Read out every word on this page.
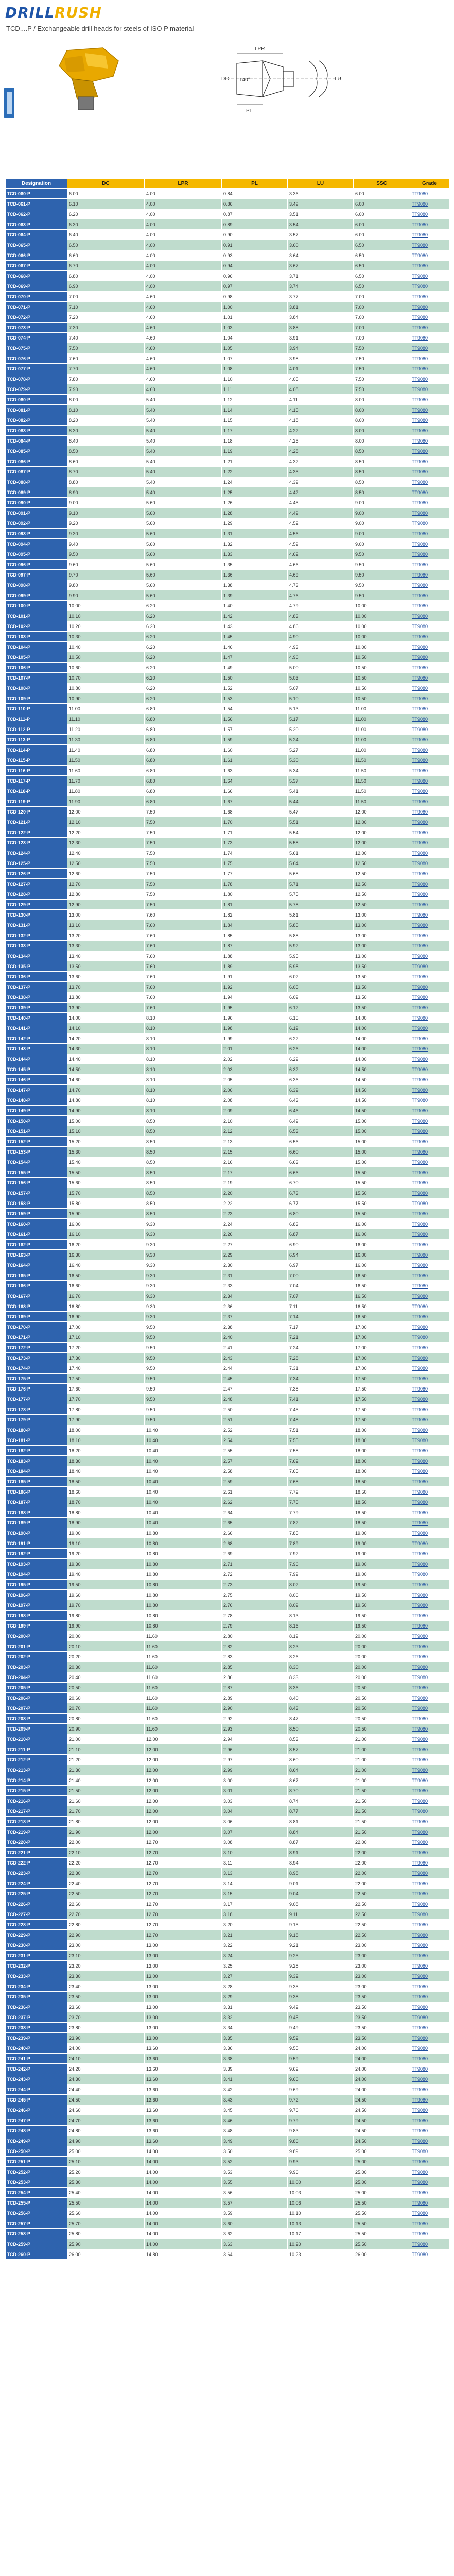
DRILLRUSH
TCD....P / Exchangeable drill heads for steels of ISO P material
LPR
PL
DC 140°	LU
Designation	DC	LPR	PL	LU	SSC	Grade
TCD-060-P	6.00	4.00	0.84	3.36	6.00	TT9080
TCD-061-P	6.10	4.00	0.86	3.49	6.00	TT9080
TCD-062-P	6.20	4.00	0.87	3.51	6.00	TT9080
TCD-063-P	6.30	4.00	0.89	3.54	6.00	TT9080
TCD-064-P	6.40	4.00	0.90	3.57	6.00	TT9080
TCD-065-P	6.50	4.00	0.91	3.60	6.50	TT9080
TCD-066-P	6.60	4.00	0.93	3.64	6.50	TT9080
TCD-067-P	6.70	4.00	0.94	3.67	6.50	TT9080
TCD-068-P	6.80	4.00	0.96	3.71	6.50	TT9080
TCD-069-P	6.90	4.00	0.97	3.74	6.50	TT9080
TCD-070-P	7.00	4.60	0.98	3.77	7.00	TT9080
TCD-071-P	7.10	4.60	1.00	3.81	7.00	TT9080
TCD-072-P	7.20	4.60	1.01	3.84	7.00	TT9080
TCD-073-P	7.30	4.60	1.03	3.88	7.00	TT9080
TCD-074-P	7.40	4.60	1.04	3.91	7.00	TT9080
TCD-075-P	7.50	4.60	1.05	3.94	7.50	TT9080
TCD-076-P	7.60	4.60	1.07	3.98	7.50	TT9080
TCD-077-P	7.70	4.60	1.08	4.01	7.50	TT9080
TCD-078-P	7.80	4.60	1.10	4.05	7.50	TT9080
TCD-079-P	7.90	4.60	1.11	4.08	7.50	TT9080
TCD-080-P	8.00	5.40	1.12	4.11	8.00	TT9080
TCD-081-P	8.10	5.40	1.14	4.15	8.00	TT9080
TCD-082-P	8.20	5.40	1.15	4.18	8.00	TT9080
TCD-083-P	8.30	5.40	1.17	4.22	8.00	TT9080
TCD-084-P	8.40	5.40	1.18	4.25	8.00	TT9080
TCD-085-P	8.50	5.40	1.19	4.28	8.50	TT9080
TCD-086-P	8.60	5.40	1.21	4.32	8.50	TT9080
TCD-087-P	8.70	5.40	1.22	4.35	8.50	TT9080
TCD-088-P	8.80	5.40	1.24	4.39	8.50	TT9080
TCD-089-P	8.90	5.40	1.25	4.42	8.50	TT9080
TCD-090-P	9.00	5.60	1.26	4.45	9.00	TT9080
TCD-091-P	9.10	5.60	1.28	4.49	9.00	TT9080
TCD-092-P	9.20	5.60	1.29	4.52	9.00	TT9080
TCD-093-P	9.30	5.60	1.31	4.56	9.00	TT9080
TCD-094-P	9.40	5.60	1.32	4.59	9.00	TT9080
TCD-095-P	9.50	5.60	1.33	4.62	9.50	TT9080
TCD-096-P	9.60	5.60	1.35	4.66	9.50	TT9080
TCD-097-P	9.70	5.60	1.36	4.69	9.50	TT9080
TCD-098-P	9.80	5.60	1.38	4.73	9.50	TT9080
TCD-099-P	9.90	5.60	1.39	4.76	9.50	TT9080
TCD-100-P	10.00	6.20	1.40	4.79	10.00	TT9080
TCD-101-P	10.10	6.20	1.42	4.83	10.00	TT9080
TCD-102-P	10.20	6.20	1.43	4.86	10.00	TT9080
TCD-103-P	10.30	6.20	1.45	4.90	10.00	TT9080
TCD-104-P	10.40	6.20	1.46	4.93	10.00	TT9080
TCD-105-P	10.50	6.20	1.47	4.96	10.50	TT9080
TCD-106-P	10.60	6.20	1.49	5.00	10.50	TT9080
TCD-107-P	10.70	6.20	1.50	5.03	10.50	TT9080
TCD-108-P	10.80	6.20	1.52	5.07	10.50	TT9080
TCD-109-P	10.90	6.20	1.53	5.10	10.50	TT9080
TCD-110-P	11.00	6.80	1.54	5.13	11.00	TT9080
TCD-111-P	11.10	6.80	1.56	5.17	11.00	TT9080
TCD-112-P	11.20	6.80	1.57	5.20	11.00	TT9080
TCD-113-P	11.30	6.80	1.59	5.24	11.00	TT9080
TCD-114-P	11.40	6.80	1.60	5.27	11.00	TT9080
TCD-115-P	11.50	6.80	1.61	5.30	11.50	TT9080
TCD-116-P	11.60	6.80	1.63	5.34	11.50	TT9080
TCD-117-P	11.70	6.80	1.64	5.37	11.50	TT9080
TCD-118-P	11.80	6.80	1.66	5.41	11.50	TT9080
TCD-119-P	11.90	6.80	1.67	5.44	11.50	TT9080
TCD-120-P	12.00	7.50	1.68	5.47	12.00	TT9080
TCD-121-P	12.10	7.50	1.70	5.51	12.00	TT9080
TCD-122-P	12.20	7.50	1.71	5.54	12.00	TT9080
TCD-123-P	12.30	7.50	1.73	5.58	12.00	TT9080
TCD-124-P	12.40	7.50	1.74	5.61	12.00	TT9080
TCD-125-P	12.50	7.50	1.75	5.64	12.50	TT9080
TCD-126-P	12.60	7.50	1.77	5.68	12.50	TT9080
TCD-127-P	12.70	7.50	1.78	5.71	12.50	TT9080
TCD-128-P	12.80	7.50	1.80	5.75	12.50	TT9080
TCD-129-P	12.90	7.50	1.81	5.78	12.50	TT9080
TCD-130-P	13.00	7.60	1.82	5.81	13.00	TT9080
TCD-131-P	13.10	7.60	1.84	5.85	13.00	TT9080
TCD-132-P	13.20	7.60	1.85	5.88	13.00	TT9080
TCD-133-P	13.30	7.60	1.87	5.92	13.00	TT9080
TCD-134-P	13.40	7.60	1.88	5.95	13.00	TT9080
TCD-135-P	13.50	7.60	1.89	5.98	13.50	TT9080
TCD-136-P	13.60	7.60	1.91	6.02	13.50	TT9080
TCD-137-P	13.70	7.60	1.92	6.05	13.50	TT9080
TCD-138-P	13.80	7.60	1.94	6.09	13.50	TT9080
TCD-139-P	13.90	7.60	1.95	6.12	13.50	TT9080
TCD-140-P	14.00	8.10	1.96	6.15	14.00	TT9080
TCD-141-P	14.10	8.10	1.98	6.19	14.00	TT9080
TCD-142-P	14.20	8.10	1.99	6.22	14.00	TT9080
TCD-143-P	14.30	8.10	2.01	6.26	14.00	TT9080
TCD-144-P	14.40	8.10	2.02	6.29	14.00	TT9080
TCD-145-P	14.50	8.10	2.03	6.32	14.50	TT9080
TCD-146-P	14.60	8.10	2.05	6.36	14.50	TT9080
TCD-147-P	14.70	8.10	2.06	6.39	14.50	TT9080
TCD-148-P	14.80	8.10	2.08	6.43	14.50	TT9080
TCD-149-P	14.90	8.10	2.09	6.46	14.50	TT9080
TCD-150-P	15.00	8.50	2.10	6.49	15.00	TT9080
TCD-151-P	15.10	8.50	2.12	6.53	15.00	TT9080
TCD-152-P	15.20	8.50	2.13	6.56	15.00	TT9080
TCD-153-P	15.30	8.50	2.15	6.60	15.00	TT9080
TCD-154-P	15.40	8.50	2.16	6.63	15.00	TT9080
TCD-155-P	15.50	8.50	2.17	6.66	15.50	TT9080
TCD-156-P	15.60	8.50	2.19	6.70	15.50	TT9080
TCD-157-P	15.70	8.50	2.20	6.73	15.50	TT9080
TCD-158-P	15.80	8.50	2.22	6.77	15.50	TT9080
TCD-159-P	15.90	8.50	2.23	6.80	15.50	TT9080
TCD-160-P	16.00	9.30	2.24	6.83	16.00	TT9080
TCD-161-P	16.10	9.30	2.26	6.87	16.00	TT9080
TCD-162-P	16.20	9.30	2.27	6.90	16.00	TT9080
TCD-163-P	16.30	9.30	2.29	6.94	16.00	TT9080
TCD-164-P	16.40	9.30	2.30	6.97	16.00	TT9080
TCD-165-P	16.50	9.30	2.31	7.00	16.50	TT9080
TCD-166-P	16.60	9.30	2.33	7.04	16.50	TT9080
TCD-167-P	16.70	9.30	2.34	7.07	16.50	TT9080
TCD-168-P	16.80	9.30	2.36	7.11	16.50	TT9080
TCD-169-P	16.90	9.30	2.37	7.14	16.50	TT9080
TCD-170-P	17.00	9.50	2.38	7.17	17.00	TT9080
TCD-171-P	17.10	9.50	2.40	7.21	17.00	TT9080
TCD-172-P	17.20	9.50	2.41	7.24	17.00	TT9080
TCD-173-P	17.30	9.50	2.43	7.28	17.00	TT9080
TCD-174-P	17.40	9.50	2.44	7.31	17.00	TT9080
TCD-175-P	17.50	9.50	2.45	7.34	17.50	TT9080
TCD-176-P	17.60	9.50	2.47	7.38	17.50	TT9080
TCD-177-P	17.70	9.50	2.48	7.41	17.50	TT9080
TCD-178-P	17.80	9.50	2.50	7.45	17.50	TT9080
TCD-179-P	17.90	9.50	2.51	7.48	17.50	TT9080
TCD-180-P	18.00	10.40	2.52	7.51	18.00	TT9080
TCD-181-P	18.10	10.40	2.54	7.55	18.00	TT9080
TCD-182-P	18.20	10.40	2.55	7.58	18.00	TT9080
TCD-183-P	18.30	10.40	2.57	7.62	18.00	TT9080
TCD-184-P	18.40	10.40	2.58	7.65	18.00	TT9080
TCD-185-P	18.50	10.40	2.59	7.68	18.50	TT9080
TCD-186-P	18.60	10.40	2.61	7.72	18.50	TT9080
TCD-187-P	18.70	10.40	2.62	7.75	18.50	TT9080
TCD-188-P	18.80	10.40	2.64	7.79	18.50	TT9080
TCD-189-P	18.90	10.40	2.65	7.82	18.50	TT9080
TCD-190-P	19.00	10.80	2.66	7.85	19.00	TT9080
TCD-191-P	19.10	10.80	2.68	7.89	19.00	TT9080
TCD-192-P	19.20	10.80	2.69	7.92	19.00	TT9080
TCD-193-P	19.30	10.80	2.71	7.96	19.00	TT9080
TCD-194-P	19.40	10.80	2.72	7.99	19.00	TT9080
TCD-195-P	19.50	10.80	2.73	8.02	19.50	TT9080
TCD-196-P	19.60	10.80	2.75	8.06	19.50	TT9080
TCD-197-P	19.70	10.80	2.76	8.09	19.50	TT9080
TCD-198-P	19.80	10.80	2.78	8.13	19.50	TT9080
TCD-199-P	19.90	10.80	2.79	8.16	19.50	TT9080
TCD-200-P	20.00	11.60	2.80	8.19	20.00	TT9080
TCD-201-P	20.10	11.60	2.82	8.23	20.00	TT9080
TCD-202-P	20.20	11.60	2.83	8.26	20.00	TT9080
TCD-203-P	20.30	11.60	2.85	8.30	20.00	TT9080
TCD-204-P	20.40	11.60	2.86	8.33	20.00	TT9080
TCD-205-P	20.50	11.60	2.87	8.36	20.50	TT9080
TCD-206-P	20.60	11.60	2.89	8.40	20.50	TT9080
TCD-207-P	20.70	11.60	2.90	8.43	20.50	TT9080
TCD-208-P	20.80	11.60	2.92	8.47	20.50	TT9080
TCD-209-P	20.90	11.60	2.93	8.50	20.50	TT9080
TCD-210-P	21.00	12.00	2.94	8.53	21.00	TT9080
TCD-211-P	21.10	12.00	2.96	8.57	21.00	TT9080
TCD-212-P	21.20	12.00	2.97	8.60	21.00	TT9080
TCD-213-P	21.30	12.00	2.99	8.64	21.00	TT9080
TCD-214-P	21.40	12.00	3.00	8.67	21.00	TT9080
TCD-215-P	21.50	12.00	3.01	8.70	21.50	TT9080
TCD-216-P	21.60	12.00	3.03	8.74	21.50	TT9080
TCD-217-P	21.70	12.00	3.04	8.77	21.50	TT9080
TCD-218-P	21.80	12.00	3.06	8.81	21.50	TT9080
TCD-219-P	21.90	12.00	3.07	8.84	21.50	TT9080
TCD-220-P	22.00	12.70	3.08	8.87	22.00	TT9080
TCD-221-P	22.10	12.70	3.10	8.91	22.00	TT9080
TCD-222-P	22.20	12.70	3.11	8.94	22.00	TT9080
TCD-223-P	22.30	12.70	3.13	8.98	22.00	TT9080
TCD-224-P	22.40	12.70	3.14	9.01	22.00	TT9080
TCD-225-P	22.50	12.70	3.15	9.04	22.50	TT9080
TCD-226-P	22.60	12.70	3.17	9.08	22.50	TT9080
TCD-227-P	22.70	12.70	3.18	9.11	22.50	TT9080
TCD-228-P	22.80	12.70	3.20	9.15	22.50	TT9080
TCD-229-P	22.90	12.70	3.21	9.18	22.50	TT9080
TCD-230-P	23.00	13.00	3.22	9.21	23.00	TT9080
TCD-231-P	23.10	13.00	3.24	9.25	23.00	TT9080
TCD-232-P	23.20	13.00	3.25	9.28	23.00	TT9080
TCD-233-P	23.30	13.00	3.27	9.32	23.00	TT9080
TCD-234-P	23.40	13.00	3.28	9.35	23.00	TT9080
TCD-235-P	23.50	13.00	3.29	9.38	23.50	TT9080
TCD-236-P	23.60	13.00	3.31	9.42	23.50	TT9080
TCD-237-P	23.70	13.00	3.32	9.45	23.50	TT9080
TCD-238-P	23.80	13.00	3.34	9.49	23.50	TT9080
TCD-239-P	23.90	13.00	3.35	9.52	23.50	TT9080
TCD-240-P	24.00	13.60	3.36	9.55	24.00	TT9080
TCD-241-P	24.10	13.60	3.38	9.59	24.00	TT9080
TCD-242-P	24.20	13.60	3.39	9.62	24.00	TT9080
TCD-243-P	24.30	13.60	3.41	9.66	24.00	TT9080
TCD-244-P	24.40	13.60	3.42	9.69	24.00	TT9080
TCD-245-P	24.50	13.60	3.43	9.72	24.50	TT9080
TCD-246-P	24.60	13.60	3.45	9.76	24.50	TT9080
TCD-247-P	24.70	13.60	3.46	9.79	24.50	TT9080
TCD-248-P	24.80	13.60	3.48	9.83	24.50	TT9080
TCD-249-P	24.90	13.60	3.49	9.86	24.50	TT9080
TCD-250-P	25.00	14.00	3.50	9.89	25.00	TT9080
TCD-251-P	25.10	14.00	3.52	9.93	25.00	TT9080
TCD-252-P	25.20	14.00	3.53	9.96	25.00	TT9080
TCD-253-P	25.30	14.00	3.55	10.00	25.00	TT9080
TCD-254-P	25.40	14.00	3.56	10.03	25.00	TT9080
TCD-255-P	25.50	14.00	3.57	10.06	25.50	TT9080
TCD-256-P	25.60	14.00	3.59	10.10	25.50	TT9080
TCD-257-P	25.70	14.00	3.60	10.13	25.50	TT9080
TCD-258-P	25.80	14.00	3.62	10.17	25.50	TT9080
TCD-259-P	25.90	14.00	3.63	10.20	25.50	TT9080
TCD-260-P	26.00	14.80	3.64	10.23	26.00	TT9080
